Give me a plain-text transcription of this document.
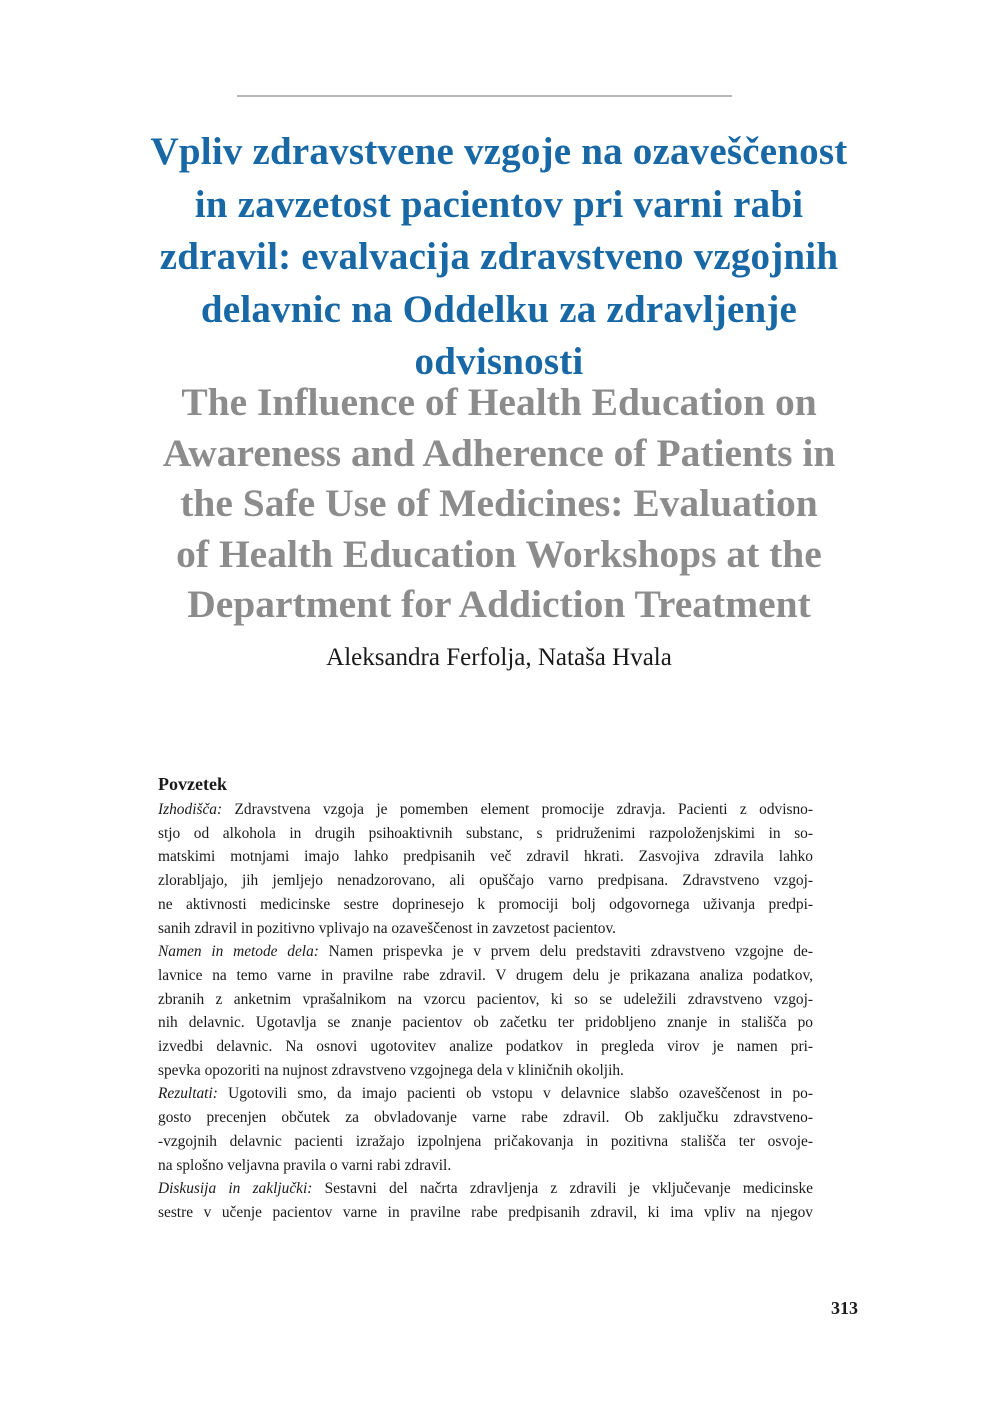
Vpliv zdravstvene vzgoje na ozaveščenost
in zavzetost pacientov pri varni rabi
zdravil: evalvacija zdravstveno vzgojnih
delavnic na Oddelku za zdravljenje
odvisnosti
The Influence of Health Education on
Awareness and Adherence of Patients in
the Safe Use of Medicines: Evaluation
of Health Education Workshops at the
Department for Addiction Treatment
Aleksandra Ferfolja, Nataša Hvala
Povzetek
Izhodišča: Zdravstvena vzgoja je pomemben element promocije zdravja. Pacienti z odvisno-
stjo od alkohola in drugih psihoaktivnih substanc, s pridruženimi razpoloženjskimi in so-
matskimi motnjami imajo lahko predpisanih več zdravil hkrati. Zasvojiva zdravila lahko
zlorabljajo, jih jemljejo nenadzorovano, ali opuščajo varno predpisana. Zdravstveno vzgoj-
ne aktivnosti medicinske sestre doprinesejo k promociji bolj odgovornega uživanja predpi-
sanih zdravil in pozitivno vplivajo na ozaveščenost in zavzetost pacientov.
Namen in metode dela: Namen prispevka je v prvem delu predstaviti zdravstveno vzgojne de-
lavnice na temo varne in pravilne rabe zdravil. V drugem delu je prikazana analiza podatkov,
zbranih z anketnim vprašalnikom na vzorcu pacientov, ki so se udeležili zdravstveno vzgoj-
nih delavnic. Ugotavlja se znanje pacientov ob začetku ter pridobljeno znanje in stališča po
izvedbi delavnic. Na osnovi ugotovitev analize podatkov in pregleda virov je namen pri-
spevka opozoriti na nujnost zdravstveno vzgojnega dela v kliničnih okoljih.
Rezultati: Ugotovili smo, da imajo pacienti ob vstopu v delavnice slabšo ozaveščenost in po-
gosto precenjen občutek za obvladovanje varne rabe zdravil. Ob zaključku zdravstveno-
-vzgojnih delavnic pacienti izražajo izpolnjena pričakovanja in pozitivna stališča ter osvoje-
na splošno veljavna pravila o varni rabi zdravil.
Diskusija in zaključki: Sestavni del načrta zdravljenja z zdravili je vključevanje medicinske
sestre v učenje pacientov varne in pravilne rabe predpisanih zdravil, ki ima vpliv na njegov
313
